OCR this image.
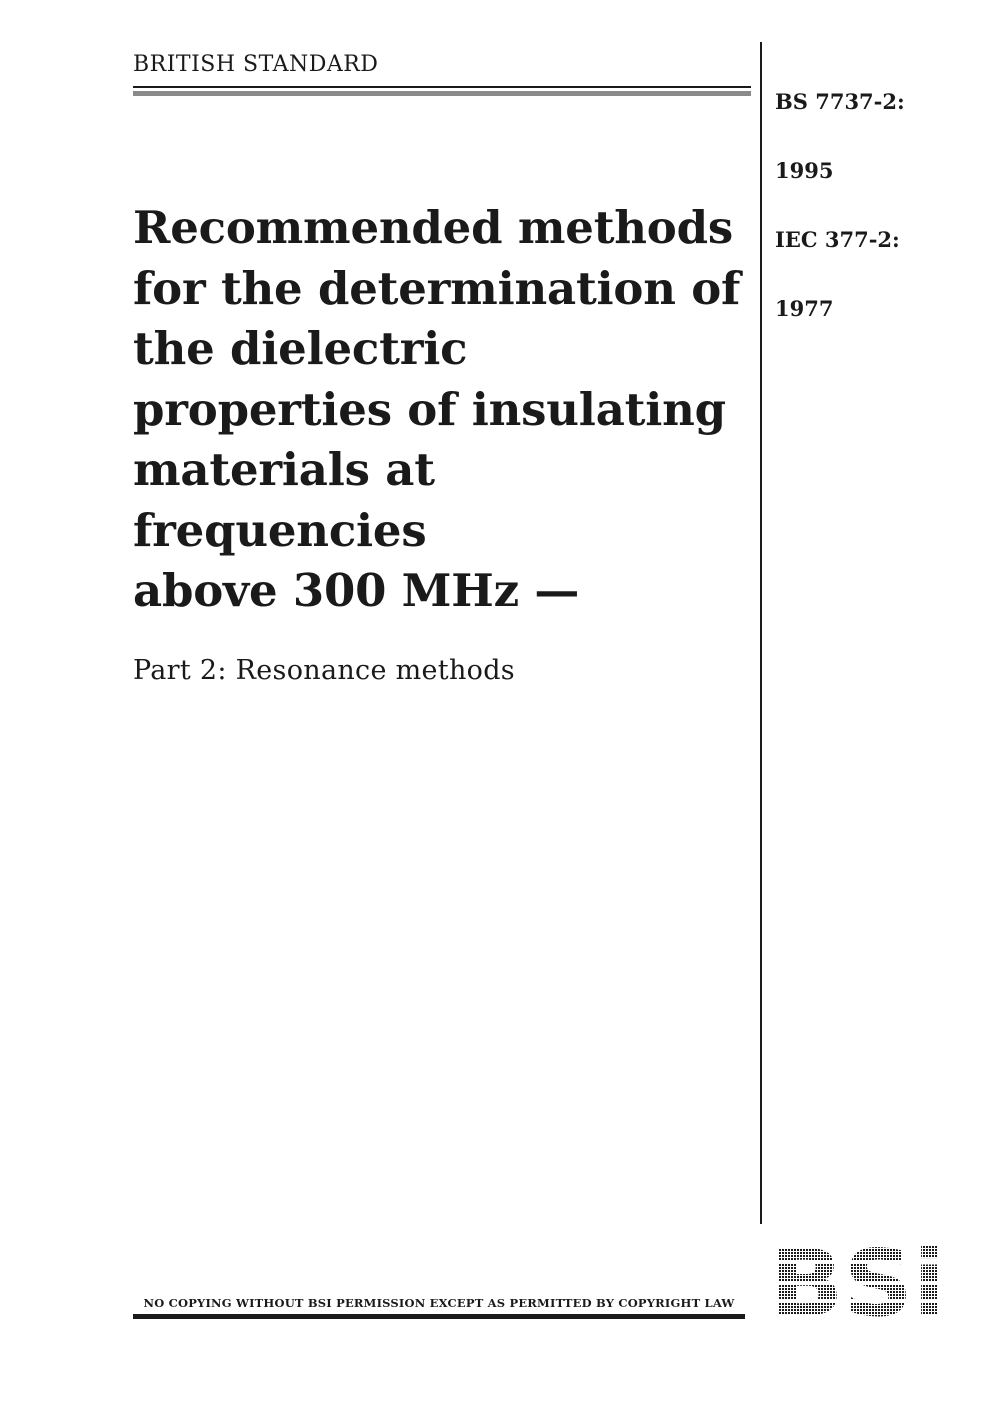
BRITISH STANDARD

BS 7737-2:

1995

IEC 377-2:

1977

Recommended methods
for the determination of
the dielectric
properties of insulating
materials at
frequencies
above 300 MHz —
Part 2: Resonance methods
NO COPYING WITHOUT BSI PERMISSION EXCEPT AS PERMITTED BY COPYRIGHT LAW
